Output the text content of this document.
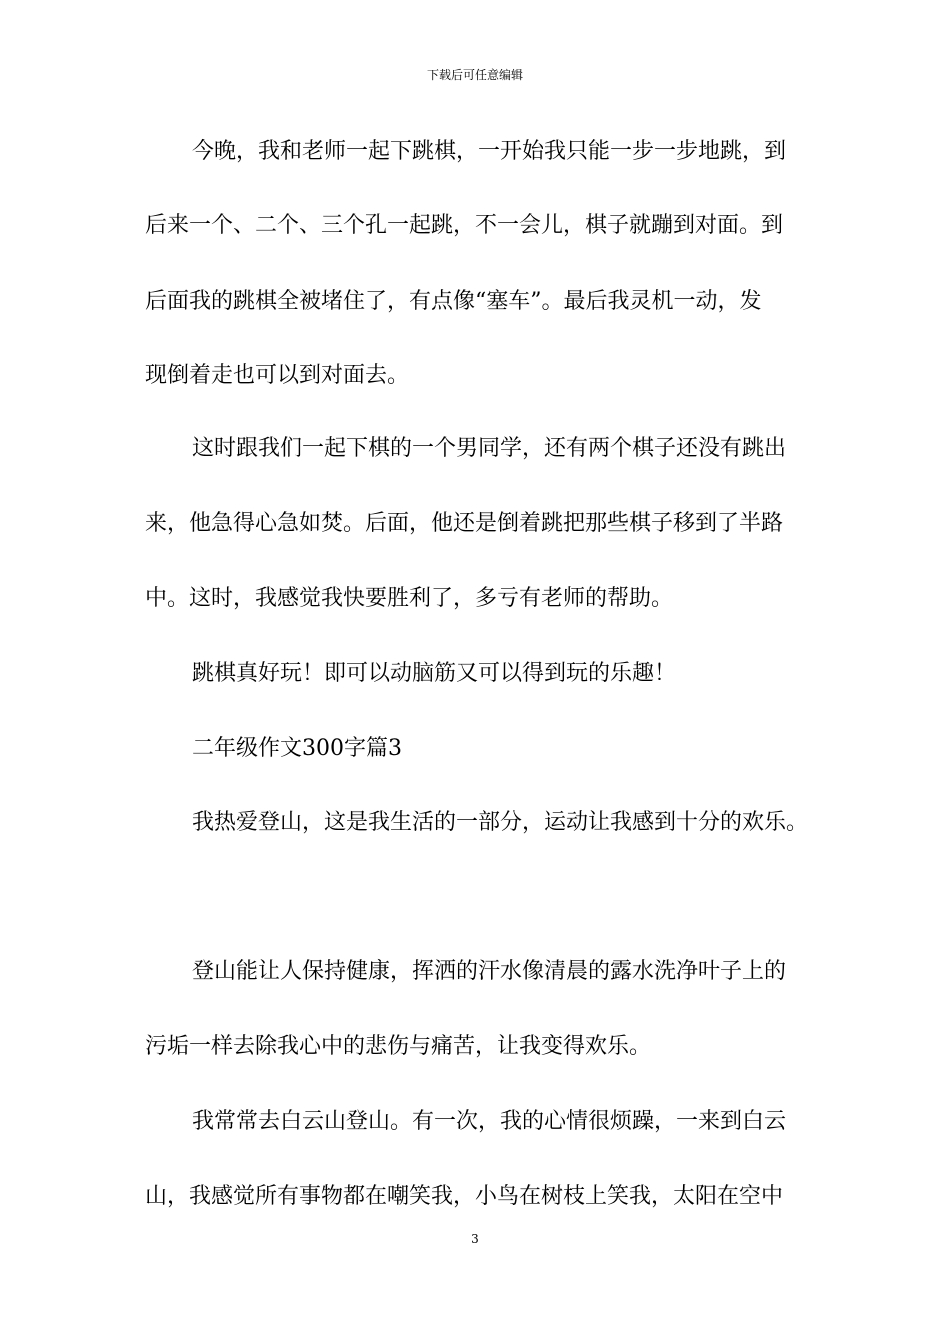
下载后可任意编辑
今晚，我和老师一起下跳棋，一开始我只能一步一步地跳，到
后来一个、二个、三个孔一起跳，不一会儿，棋子就蹦到对面。到
后面我的跳棋全被堵住了，有点像“塞车”。最后我灵机一动，发
现倒着走也可以到对面去。
这时跟我们一起下棋的一个男同学，还有两个棋子还没有跳出
来，他急得心急如焚。后面，他还是倒着跳把那些棋子移到了半路
中。这时，我感觉我快要胜利了，多亏有老师的帮助。
跳棋真好玩！即可以动脑筋又可以得到玩的乐趣！
二年级作文300字篇3
我热爱登山，这是我生活的一部分，运动让我感到十分的欢乐。
登山能让人保持健康，挥洒的汗水像清晨的露水洗净叶子上的
污垢一样去除我心中的悲伤与痛苦，让我变得欢乐。
我常常去白云山登山。有一次，我的心情很烦躁，一来到白云
山，我感觉所有事物都在嘲笑我，小鸟在树枝上笑我，太阳在空中
3
